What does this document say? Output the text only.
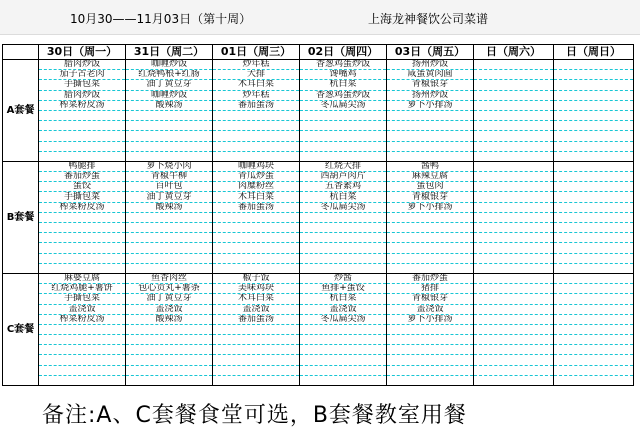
10月30——11月03日（第十周）	上海龙神餐饮公司菜谱
	30日（周一）	31日（周二）	01日（周三）	02日（周四）	03日（周五）	日（周六）	日（周日）
A套餐	腊肉炒饭	咖喱炒饭	炒年糕	香葱鸡蛋炒饭	扬州炒饭		
	茄子古老肉	红烧鸭根+红肠	大排	馋嘴鸡	咸蛋黄肉圆		
	手撕包菜	油丁黄豆芽	木耳白菜	杭白菜	青椒银芽		
	腊肉炒饭	咖喱炒饭	炒年糕	香葱鸡蛋炒饭	扬州炒饭		
	榨菜粉皮汤	酸辣汤	番茄蛋汤	冬瓜扁尖汤	萝卜小排汤		

B套餐	鸭腿排	萝卜烧小肉	咖喱鸡块	红烧大排	酱鸭		
	番茄炒蛋	青椒牛柳	青瓜炒蛋	西葫芦肉片	麻辣豆腐		
	蛋饺	百叶包	肉糜粉丝	五香素鸡	蛋包肉		
	手撕包菜	油丁黄豆芽	木耳白菜	杭白菜	青椒银芽		
	榨菜粉皮汤	酸辣汤	番茄蛋汤	冬瓜扁尖汤	萝卜小排汤		

C套餐	麻婆豆腐	鱼香肉丝	椒子饭	炒酱	番茄炒蛋		
	红烧鸡腿+薯饼	包心贡丸+薯条	美味鸡块	鱼排+蛋饺	猪排		
	手撕包菜	油丁黄豆芽	木耳白菜	杭白菜	青椒银芽		
	盖浇饭	盖浇饭	盖浇饭	盖浇饭	盖浇饭		
	榨菜粉皮汤	酸辣汤	番茄蛋汤	冬瓜扁尖汤	萝卜小排汤		

备注:A、C套餐食堂可选，B套餐教室用餐
